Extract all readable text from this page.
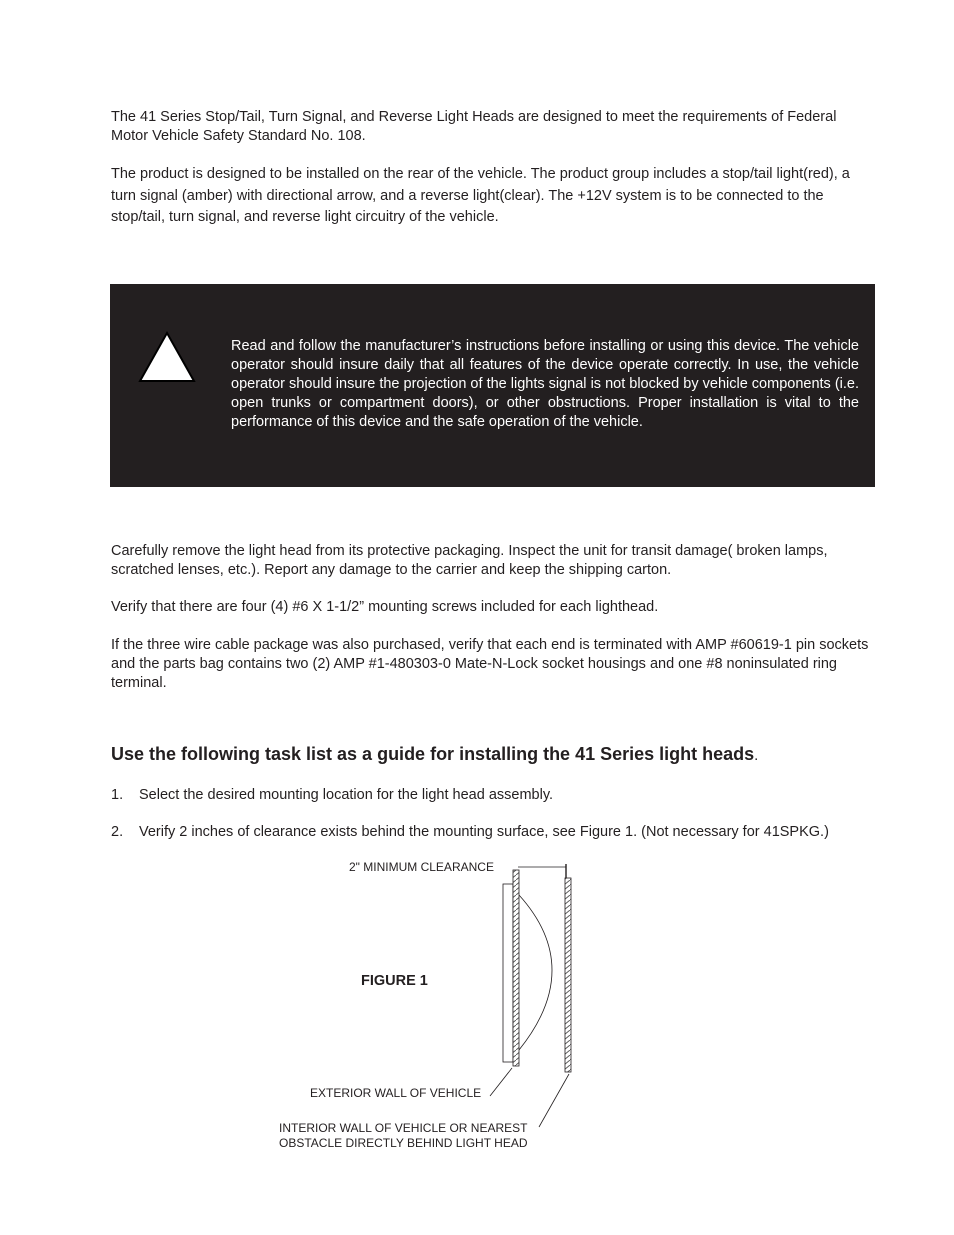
The 41 Series Stop/Tail, Turn Signal, and Reverse Light Heads are designed to meet the requirements of Federal Motor Vehicle Safety Standard No. 108.

The product is designed to be installed on the rear of the vehicle. The product group includes a stop/tail light(red), a turn signal (amber) with directional arrow, and a reverse light(clear). The +12V system is to be connected to the stop/tail, turn signal, and reverse light circuitry of the vehicle.

Read and follow the manufacturer’s instructions before installing or using this device. The vehicle operator should insure daily that all features of the device operate correctly. In use, the vehicle operator should insure the projection of the lights signal is not blocked by vehicle components (i.e. open trunks or compartment doors), or other obstructions. Proper installation is vital to the performance of this device and the safe operation of the vehicle.

Carefully remove the light head from its protective packaging. Inspect the unit for transit damage( broken lamps, scratched lenses, etc.). Report any damage to the carrier and keep the shipping carton.

Verify that there are four (4) #6 X 1-1/2” mounting screws included for each lighthead.

If the three wire cable package was also purchased, verify that each end is terminated with AMP #60619-1 pin sockets and the parts bag contains two (2) AMP #1-480303-0 Mate-N-Lock socket housings and one #8 noninsulated ring terminal.

Use the following task list as a guide for installing the 41 Series light heads.
1. Select the desired mounting location for the light head assembly.
2. Verify 2 inches of clearance exists behind the mounting surface, see Figure 1. (Not necessary for 41SPKG.)

2" MINIMUM CLEARANCE

FIGURE 1

EXTERIOR WALL OF VEHICLE

INTERIOR WALL OF VEHICLE OR NEAREST
OBSTACLE DIRECTLY BEHIND LIGHT HEAD
